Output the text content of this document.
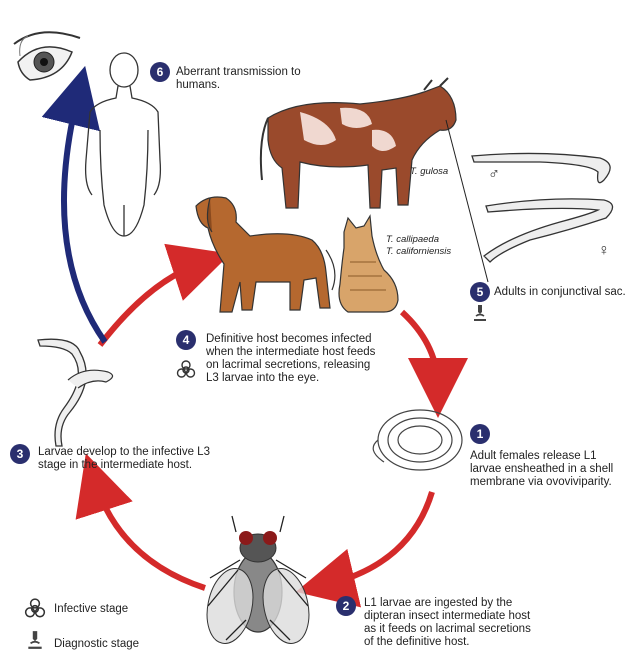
6	Aberrant transmission to humans.
T. gulosa
T. callipaeda
T. californiensis
♂
♀
5 Adults in conjunctival sac.
4	Definitive host becomes infected when the intermediate host feeds on lacrimal secretions, releasing L3 larvae into the eye.
1
Adult females release L1 larvae ensheathed in a shell membrane via ovoviviparity.
3	Larvae develop to the infective L3 stage in the intermediate host.
2	L1 larvae are ingested by the dipteran insect intermediate host as it feeds on lacrimal secretions of the definitive host.
Infective stage
Diagnostic stage
